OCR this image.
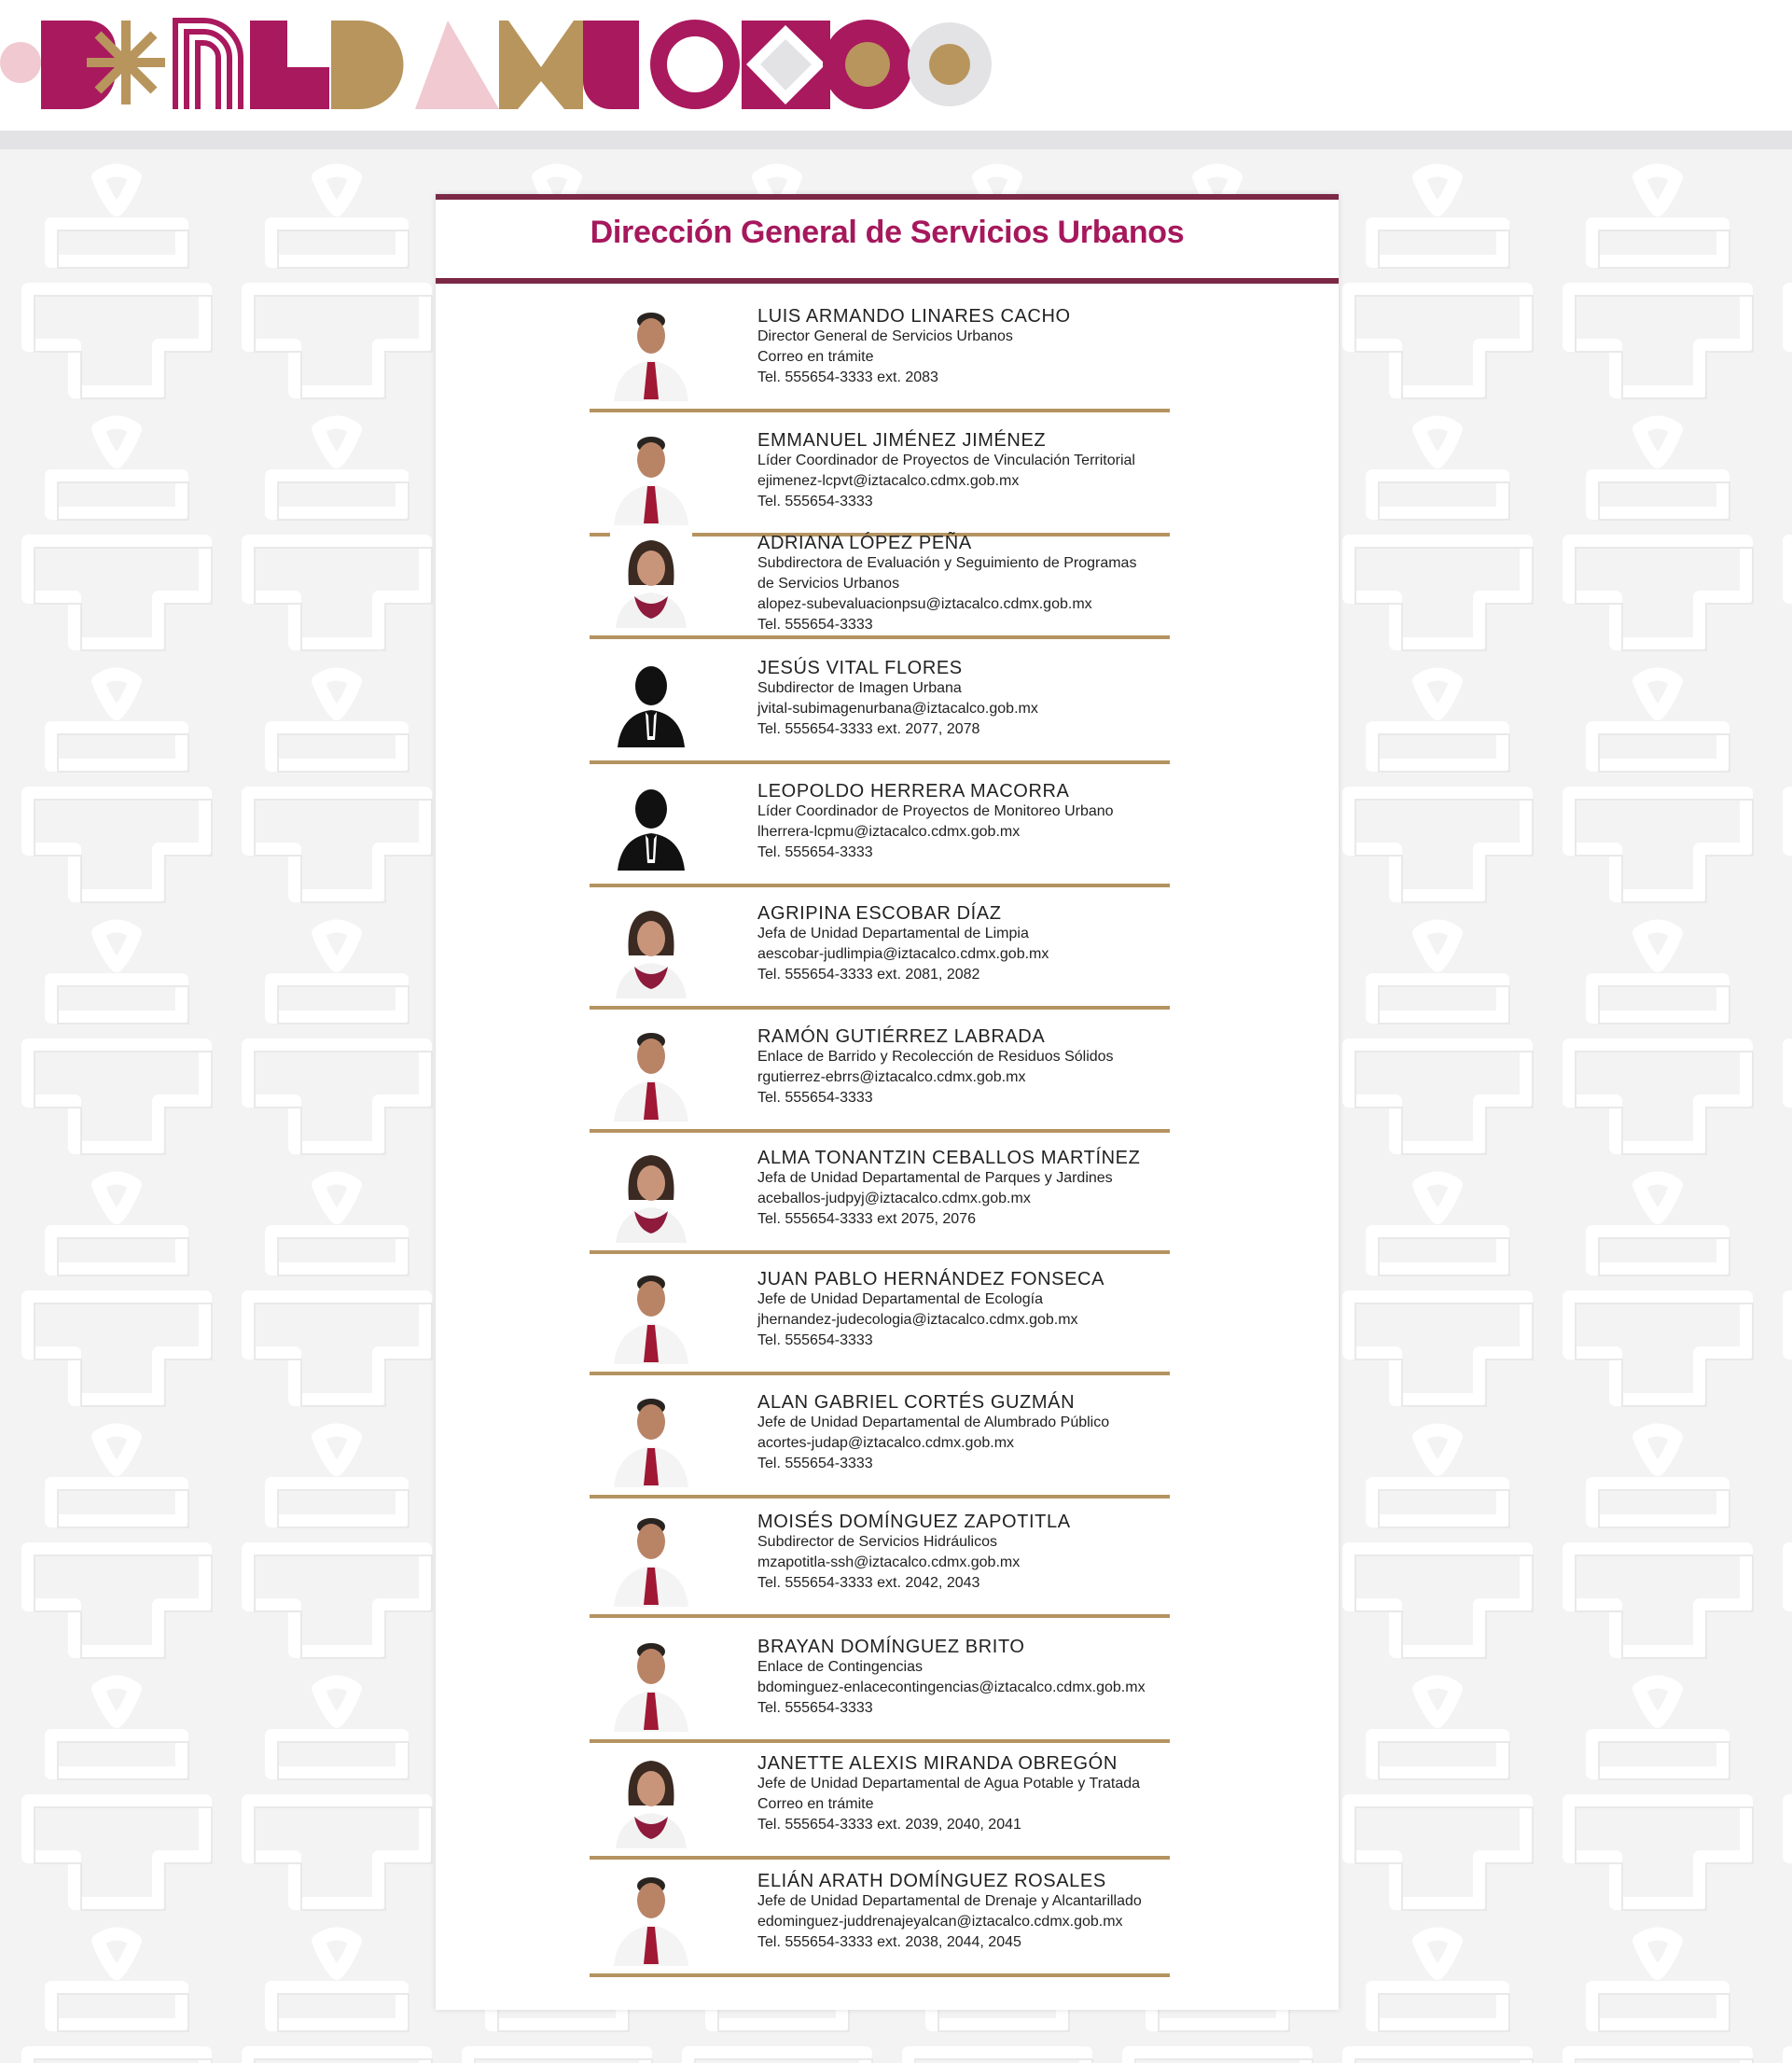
Dirección General de Servicios Urbanos
LUIS ARMANDO LINARES CACHO
Director General de Servicios Urbanos
Correo en trámite
Tel. 555654-3333 ext. 2083
EMMANUEL JIMÉNEZ JIMÉNEZ
Líder Coordinador de Proyectos de Vinculación Territorial
ejimenez-lcpvt@iztacalco.cdmx.gob.mx
Tel. 555654-3333
ADRIANA LÓPEZ PEÑA
Subdirectora de Evaluación y Seguimiento de Programas
de Servicios Urbanos
alopez-subevaluacionpsu@iztacalco.cdmx.gob.mx
Tel. 555654-3333
JESÚS VITAL FLORES
Subdirector de Imagen Urbana
jvital-subimagenurbana@iztacalco.gob.mx
Tel. 555654-3333 ext. 2077, 2078
LEOPOLDO HERRERA MACORRA
Líder Coordinador de Proyectos de Monitoreo Urbano
lherrera-lcpmu@iztacalco.cdmx.gob.mx
Tel. 555654-3333
AGRIPINA ESCOBAR DÍAZ
Jefa de Unidad Departamental de Limpia
aescobar-judlimpia@iztacalco.cdmx.gob.mx
Tel. 555654-3333 ext. 2081, 2082
RAMÓN GUTIÉRREZ LABRADA
Enlace de Barrido y Recolección de Residuos Sólidos
rgutierrez-ebrrs@iztacalco.cdmx.gob.mx
Tel. 555654-3333
ALMA TONANTZIN CEBALLOS MARTÍNEZ
Jefa de Unidad Departamental de Parques y Jardines
aceballos-judpyj@iztacalco.cdmx.gob.mx
Tel. 555654-3333 ext 2075, 2076
JUAN PABLO HERNÁNDEZ FONSECA
Jefe de Unidad Departamental de Ecología
jhernandez-judecologia@iztacalco.cdmx.gob.mx
Tel. 555654-3333
ALAN GABRIEL CORTÉS GUZMÁN
Jefe de Unidad Departamental de Alumbrado Público
acortes-judap@iztacalco.cdmx.gob.mx
Tel. 555654-3333
MOISÉS DOMÍNGUEZ ZAPOTITLA
Subdirector de Servicios Hidráulicos
mzapotitla-ssh@iztacalco.cdmx.gob.mx
Tel. 555654-3333 ext. 2042, 2043
BRAYAN DOMÍNGUEZ BRITO
Enlace de Contingencias
bdominguez-enlacecontingencias@iztacalco.cdmx.gob.mx
Tel. 555654-3333
JANETTE ALEXIS MIRANDA OBREGÓN
Jefe de Unidad Departamental de Agua Potable y Tratada
Correo en trámite
Tel. 555654-3333 ext. 2039, 2040, 2041
ELIÁN ARATH DOMÍNGUEZ ROSALES
Jefe de Unidad Departamental de Drenaje y Alcantarillado
edominguez-juddrenajeyalcan@iztacalco.cdmx.gob.mx
Tel. 555654-3333 ext. 2038, 2044, 2045
